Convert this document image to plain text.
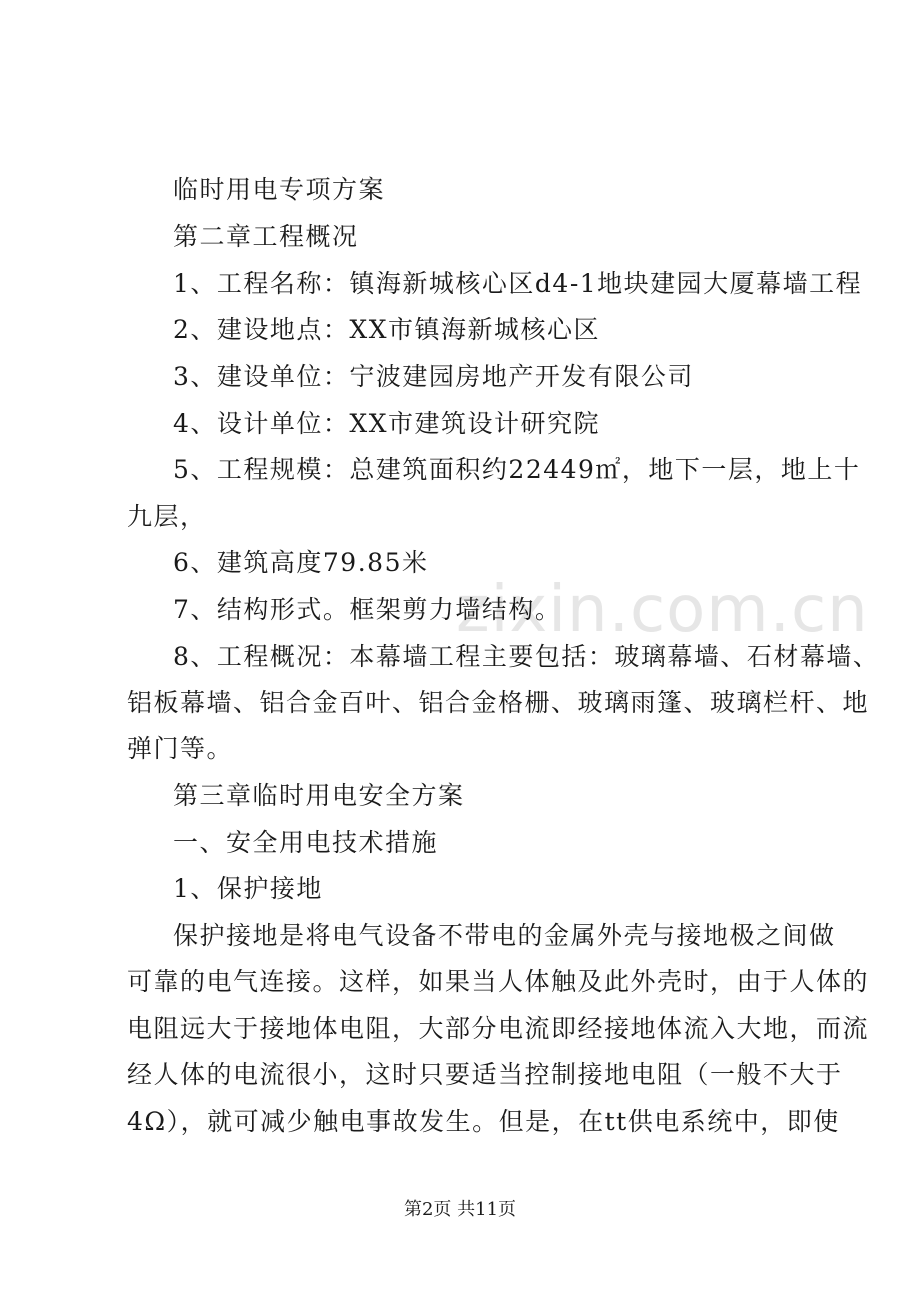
zixin.com.cn
临时用电专项方案
第二章工程概况
1、工程名称：镇海新城核心区d4-1地块建园大厦幕墙工程
2、建设地点：XX市镇海新城核心区
3、建设单位：宁波建园房地产开发有限公司
4、设计单位：XX市建筑设计研究院
5、工程规模：总建筑面积约22449㎡，地下一层，地上十
九层，
6、建筑高度79.85米
7、结构形式。框架剪力墙结构。
8、工程概况：本幕墙工程主要包括：玻璃幕墙、石材幕墙、
铝板幕墙、铝合金百叶、铝合金格栅、玻璃雨篷、玻璃栏杆、地
弹门等。
第三章临时用电安全方案
一、安全用电技术措施
1、保护接地
保护接地是将电气设备不带电的金属外壳与接地极之间做
可靠的电气连接。这样，如果当人体触及此外壳时，由于人体的
电阻远大于接地体电阻，大部分电流即经接地体流入大地，而流
经人体的电流很小，这时只要适当控制接地电阻（一般不大于
4Ω），就可减少触电事故发生。但是，在tt供电系统中，即使
第2页 共11页
